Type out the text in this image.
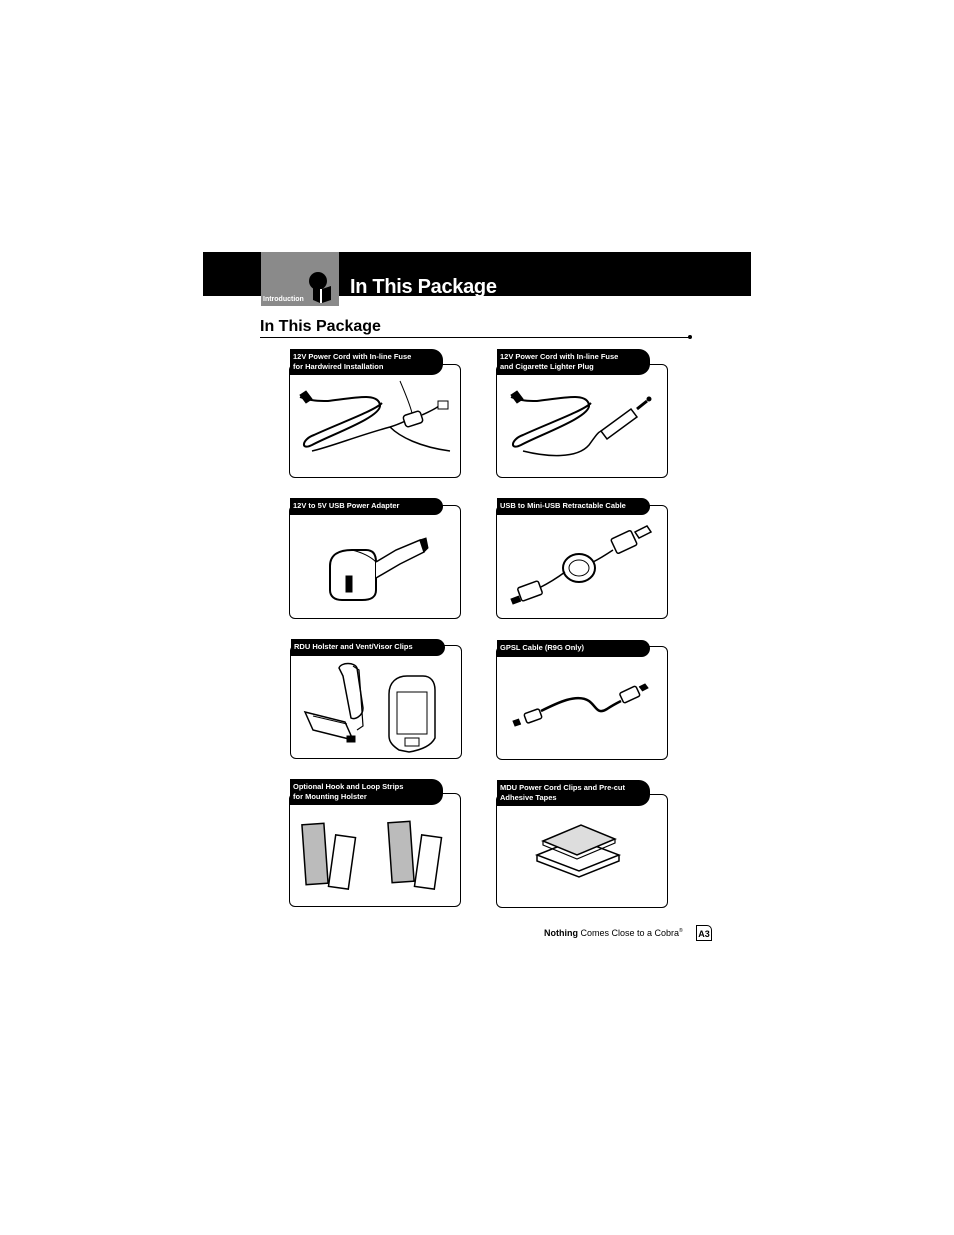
Introduction
In This Package
In This Package
12V Power Cord with In-line Fuse
for Hardwired Installation
12V Power Cord with In-line Fuse
and Cigarette Lighter Plug
12V to 5V USB Power Adapter	USB to Mini-USB Retractable Cable
RDU Holster and Vent/Visor Clips	GPSL Cable (R9G Only)
Optional Hook and Loop Strips
for Mounting Holster
MDU Power Cord Clips and Pre-cut
Adhesive Tapes
Nothing Comes Close to a Cobra® A3
